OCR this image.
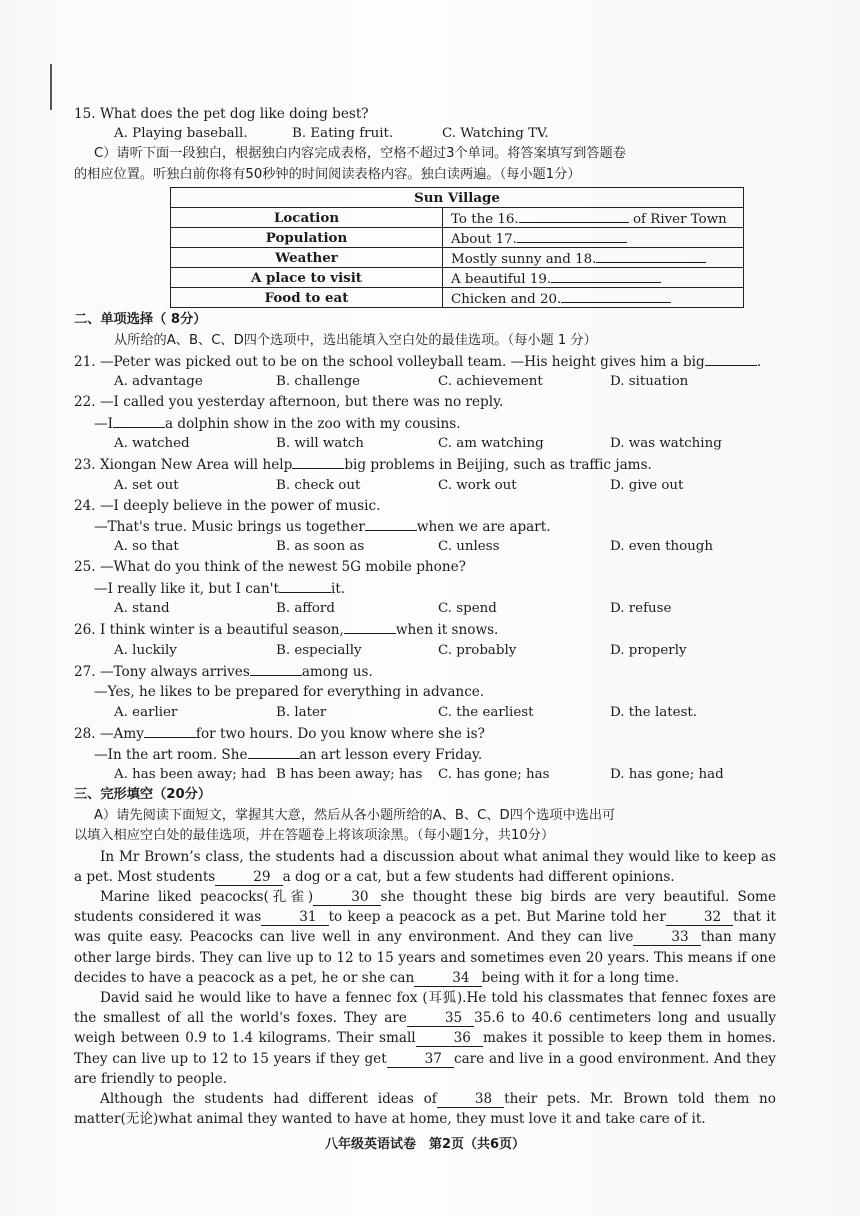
15. What does the pet dog like doing best?
A. Playing baseball.	B. Eating fruit.	C. Watching TV.
C）请听下面一段独白，根据独白内容完成表格，空格不超过3个单词。将答案填写到答题卷
的相应位置。听独白前你将有50秒钟的时间阅读表格内容。独白读两遍。（每小题1分）
Sun Village	
Location	To the 16. of River Town
Population	About 17.
Weather	Mostly sunny and 18.
A place to visit	A beautiful 19.
Food to eat	Chicken and 20.
二、单项选择（ 8分）
从所给的A、B、C、D四个选项中，选出能填入空白处的最佳选项。（每小题 1 分）
21. —Peter was picked out to be on the school volleyball team. —His height gives him a big	.
A. advantage	B. challenge	C. achievement	D. situation
22. —I called you yesterday afternoon, but there was no reply.
—I	a dolphin show in the zoo with my cousins.
A. watched	B. will watch	C. am watching	D. was watching
23. Xiongan New Area will help	big problems in Beijing, such as traffic jams.
A. set out	B. check out	C. work out	D. give out
24. —I deeply believe in the power of music.
—That's true. Music brings us together	when we are apart.
A. so that	B. as soon as	C. unless	D. even though
25. —What do you think of the newest 5G mobile phone?
—I really like it, but I can't	it.
A. stand	B. afford	C. spend	D. refuse
26. I think winter is a beautiful season,	when it snows.
A. luckily	B. especially	C. probably	D. properly
27. —Tony always arrives	among us.
—Yes, he likes to be prepared for everything in advance.
A. earlier	B. later	C. the earliest	D. the latest.
28. —Amy	for two hours. Do you know where she is?
—In the art room. She	an art lesson every Friday.
A. has been away; had B has been away; has	C. has gone; has	D. has gone; had
三、完形填空（20分）
A）请先阅读下面短文，掌握其大意，然后从各小题所给的A、B、C、D四个选项中选出可
以填入相应空白处的最佳选项，并在答题卷上将该项涂黑。（每小题1分，共10分）

In Mr Brown’s class, the students had a discussion about what animal they would like to keep as a pet. Most students	29 a dog or a cat, but a few students had different opinions.

Marine liked peacocks(孔雀)	30 she thought these big birds are very beautiful. Some students considered it was	31 to keep a peacock as a pet. But Marine told her	32 that it was quite easy. Peacocks can live well in any environment. And they can live	33 than many other large birds. They can live up to 12 to 15 years and sometimes even 20 years. This means if one decides to have a peacock as a pet, he or she can	34 being with it for a long time.

David said he would like to have a fennec fox (耳狐).He told his classmates that fennec foxes are the smallest of all the world's foxes. They are	35 35.6 to 40.6 centimeters long and usually weigh between 0.9 to 1.4 kilograms. Their small	36 makes it possible to keep them in homes. They can live up to 12 to 15 years if they get	37 care and live in a good environment. And they are friendly to people.

Although the students had different ideas of	38 their pets. Mr. Brown told them no matter(无论)what animal they wanted to have at home, they must love it and take care of it.

八年级英语试卷　第2页（共6页）
